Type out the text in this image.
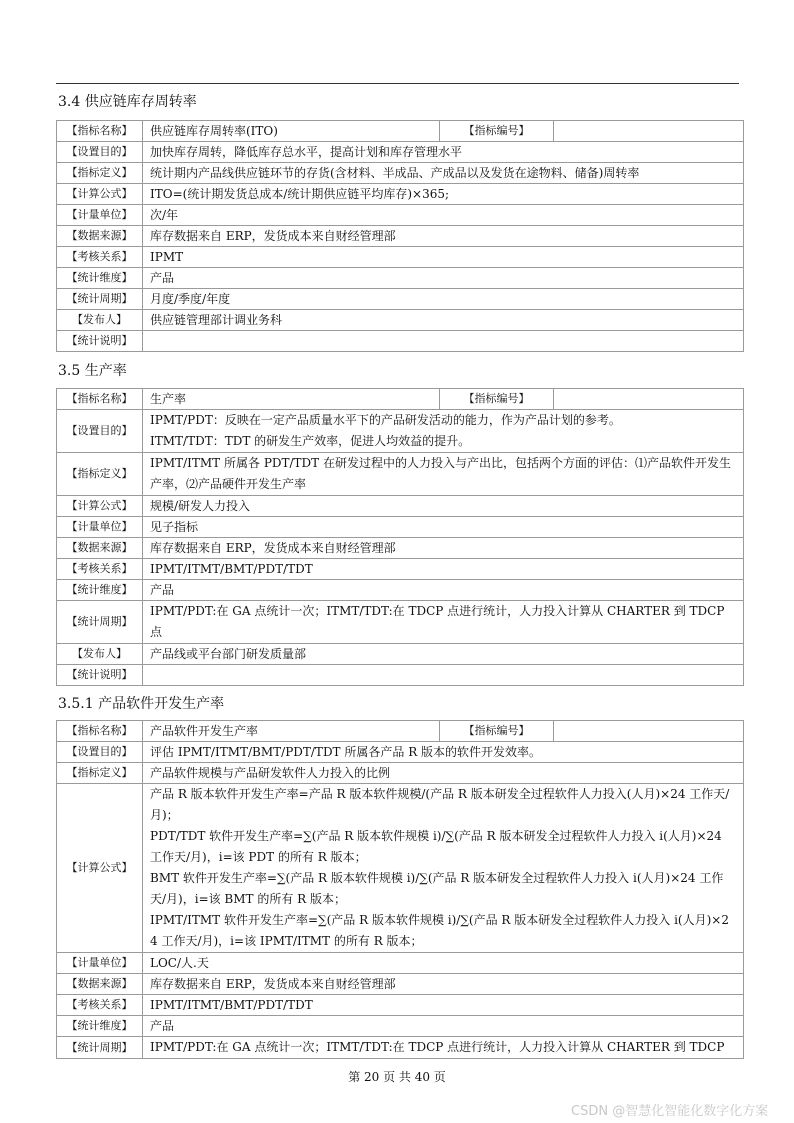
3.4 供应链库存周转率
【指标名称】	供应链库存周转率(ITO)	【指标编号】	
【设置目的】	加快库存周转，降低库存总水平，提高计划和库存管理水平		
【指标定义】	统计期内产品线供应链环节的存货(含材料、半成品、产成品以及发货在途物料、储备)周转率		
【计算公式】	ITO=(统计期发货总成本/统计期供应链平均库存)×365;		
【计量单位】	次/年		
【数据来源】	库存数据来自 ERP，发货成本来自财经管理部		
【考核关系】	IPMT		
【统计维度】	产品		
【统计周期】	月度/季度/年度		
【发布人】	供应链管理部计调业务科		
【统计说明】			
3.5 生产率
【指标名称】	生产率	【指标编号】	
【设置目的】	IPMT/PDT：反映在一定产品质量水平下的产品研发活动的能力，作为产品计划的参考。
ITMT/TDT：TDT 的研发生产效率，促进人均效益的提升。		
【指标定义】	IPMT/ITMT 所属各 PDT/TDT 在研发过程中的人力投入与产出比，包括两个方面的评估：⑴产品软件开发生产率，⑵产品硬件开发生产率		
【计算公式】	规模/研发人力投入		
【计量单位】	见子指标		
【数据来源】	库存数据来自 ERP，发货成本来自财经管理部		
【考核关系】	IPMT/ITMT/BMT/PDT/TDT		
【统计维度】	产品		
【统计周期】	IPMT/PDT:在 GA 点统计一次；ITMT/TDT:在 TDCP 点进行统计，人力投入计算从 CHARTER 到 TDCP 点		
【发布人】	产品线或平台部门研发质量部		
【统计说明】			
3.5.1 产品软件开发生产率
【指标名称】	产品软件开发生产率	【指标编号】	
【设置目的】	评估 IPMT/ITMT/BMT/PDT/TDT 所属各产品 R 版本的软件开发效率。		
【指标定义】	产品软件规模与产品研发软件人力投入的比例		
【计算公式】	产品 R 版本软件开发生产率=产品 R 版本软件规模/(产品 R 版本研发全过程软件人力投入(人月)×24 工作天/月)；
PDT/TDT 软件开发生产率=∑(产品 R 版本软件规模 i)/∑(产品 R 版本研发全过程软件人力投入 i(人月)×24 工作天/月)，i=该 PDT 的所有 R 版本；
BMT 软件开发生产率=∑(产品 R 版本软件规模 i)/∑(产品 R 版本研发全过程软件人力投入 i(人月)×24 工作天/月)，i=该 BMT 的所有 R 版本；
IPMT/ITMT 软件开发生产率=∑(产品 R 版本软件规模 i)/∑(产品 R 版本研发全过程软件人力投入 i(人月)×24 工作天/月)，i=该 IPMT/ITMT 的所有 R 版本；		
【计量单位】	LOC/人.天		
【数据来源】	库存数据来自 ERP，发货成本来自财经管理部		
【考核关系】	IPMT/ITMT/BMT/PDT/TDT		
【统计维度】	产品		
【统计周期】	IPMT/PDT:在 GA 点统计一次；ITMT/TDT:在 TDCP 点进行统计，人力投入计算从 CHARTER 到 TDCP		
第 20 页 共 40 页
CSDN @智慧化智能化数字化方案
